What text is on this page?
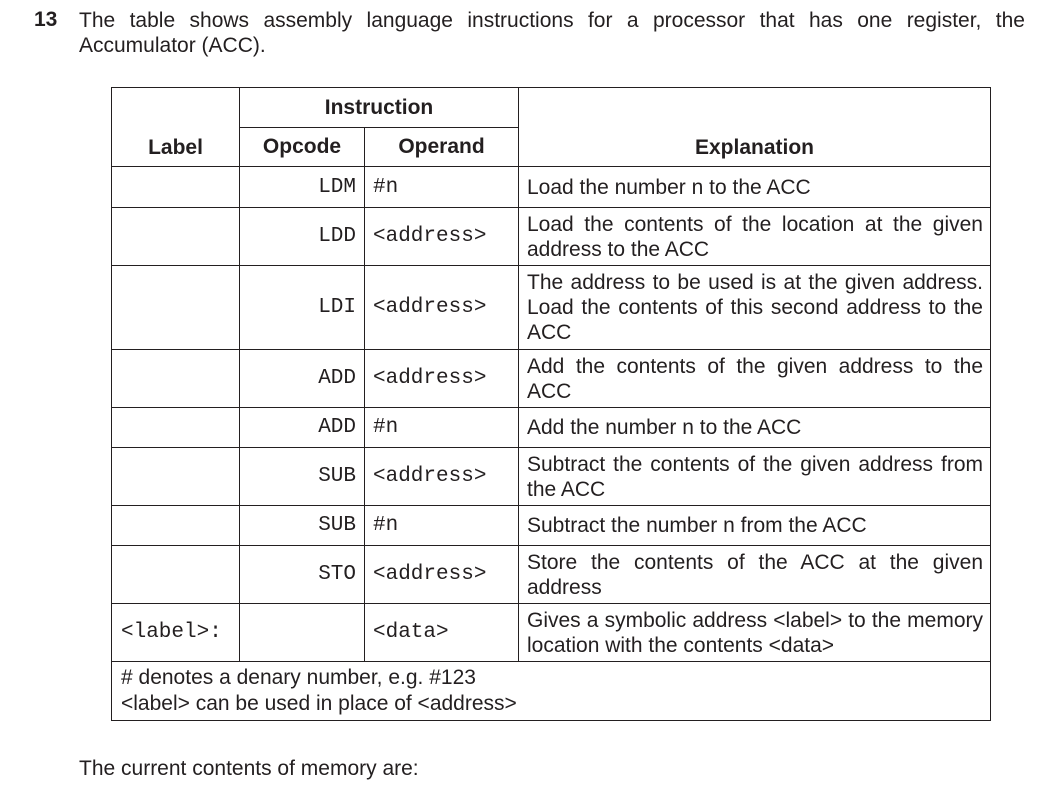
13 The table shows assembly language instructions for a processor that has one register, the Accumulator (ACC).
Label	Instruction		Explanation
	Opcode	Operand	
	LDM	#n	Load the number n to the ACC
	LDD	<address>	Load the contents of the location at the given address to the ACC
	LDI	<address>	The address to be used is at the given address. Load the contents of this second address to the ACC
	ADD	<address>	Add the contents of the given address to the ACC
	ADD	#n	Add the number n to the ACC
	SUB	<address>	Subtract the contents of the given address from the ACC
	SUB	#n	Subtract the number n from the ACC
	STO	<address>	Store the contents of the ACC at the given address
<label>:		<data>	Gives a symbolic address <label> to the memory location with the contents <data>

# denotes a denary number, e.g. #123
<label> can be used in place of <address>			
The current contents of memory are:
